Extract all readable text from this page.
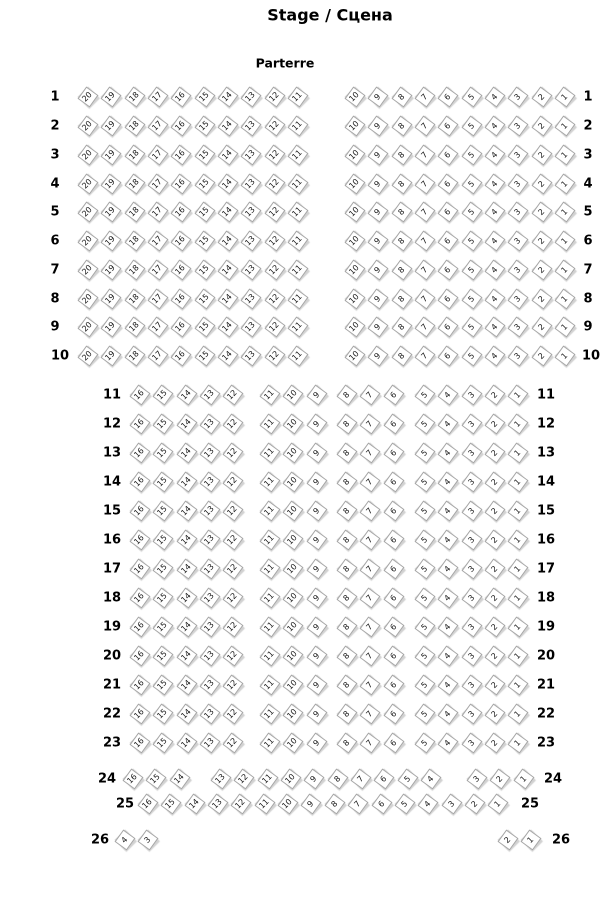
Stage / Сцена
Parterre
1	1
20 19 18 17 16 15 14 13 12 11	10 9 8 7 6 5 4 3 2 1
2	2
20 19 18 17 16 15 14 13 12 11	10 9 8 7 6 5 4 3 2 1
3	3
20 19 18 17 16 15 14 13 12 11	10 9 8 7 6 5 4 3 2 1
4	4
20 19 18 17 16 15 14 13 12 11	10 9 8 7 6 5 4 3 2 1
5	5
20 19 18 17 16 15 14 13 12 11	10 9 8 7 6 5 4 3 2 1
6	6
20 19 18 17 16 15 14 13 12 11	10 9 8 7 6 5 4 3 2 1
7	7
20 19 18 17 16 15 14 13 12 11	10 9 8 7 6 5 4 3 2 1
8	8
20 19 18 17 16 15 14 13 12 11	10 9 8 7 6 5 4 3 2 1
9	9
20 19 18 17 16 15 14 13 12 11	10 9 8 7 6 5 4 3 2 1
10	10
20 19 18 17 16 15 14 13 12 11	10 9 8 7 6 5 4 3 2 1
11	11
16 15 14 13 12	11 10 9	8 7 6	5 4 3 2 1
12	12
16 15 14 13 12	11 10 9	8 7 6	5 4 3 2 1
13	13
16 15 14 13 12	11 10 9	8 7 6	5 4 3 2 1
14	14
16 15 14 13 12	11 10 9	8 7 6	5 4 3 2 1
15	15
16 15 14 13 12	11 10 9	8 7 6	5 4 3 2 1
16	16
16 15 14 13 12	11 10 9	8 7 6	5 4 3 2 1
17	17
16 15 14 13 12	11 10 9	8 7 6	5 4 3 2 1
18	18
16 15 14 13 12	11 10 9	8 7 6	5 4 3 2 1
19	19
16 15 14 13 12	11 10 9	8 7 6	5 4 3 2 1
20	20
16 15 14 13 12	11 10 9	8 7 6	5 4 3 2 1
21	21
16 15 14 13 12	11 10 9	8 7 6	5 4 3 2 1
22	22
16 15 14 13 12	11 10 9	8 7 6	5 4 3 2 1
23	23
16 15 14 13 12	11 10 9	8 7 6	5 4 3 2 1
24	24
16 15 14	13 12 11 10 9 8 7 6 5 4	3 2 1
25	25
16 15 14 13 12 11 10 9 8 7 6 5 4 3 2 1
26	26
4 3	2 1
